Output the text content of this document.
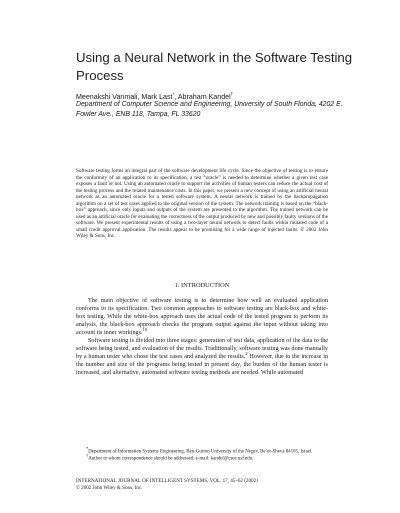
Using a Neural Network in the Software Testing Process
Meenakshi Vanmali, Mark Last*, Abraham Kandel†
Department of Computer Science and Engineering, University of South Florida, 4202 E. Fowler Ave., ENB 118, Tampa, FL 33620
Software testing forms an integral part of the software development life cycle. Since the objective of testing is to ensure the conformity of an application to its specification, a test “oracle” is needed to determine whether a given test case exposes a fault or not. Using an automated oracle to support the activities of human testers can reduce the actual cost of the testing process and the related maintenance costs. In this paper, we present a new concept of using an artificial neural network as an automated oracle for a tested software system. A neural network is trained by the backpropagation algorithm on a set of test cases applied to the original version of the system. The network training is based on the “black-box” approach, since only inputs and outputs of the system are presented to the algorithm. The trained network can be used as an artificial oracle for evaluating the correctness of the output produced by new and possibly faulty versions of the software. We present experimental results of using a two-layer neural network to detect faults within mutated code of a small credit approval application. The results appear to be promising for a wide range of injected faults. © 2002 John Wiley & Sons, Inc.
1. INTRODUCTION

The main objective of software testing is to determine how well an evaluated application conforms to its specification. Two common approaches to software testing are black-box and white-box testing. While the white-box approach uses the actual code of the tested program to perform its analysis, the black-box approach checks the program output against the input without taking into account its inner workings.$^{10}$

Software testing is divided into three stages: generation of test data, application of the data to the software being tested, and evaluation of the results. Traditionally, software testing was done manually by a human tester who chose the test cases and analyzed the results.$^2$ However, due to the increase in the number and size of the programs being tested in present day, the burden of the human tester is increased, and alternative, automated software testing methods are needed. While automated

*Department of Information Systems Engineering, Ben-Gurion University of the Negev, Be’er-Sheva 84105, Israel.

†Author to whom correspondence should be addressed; e-mail: kandel@csee.usf.edu.

INTERNATIONAL JOURNAL OF INTELLIGENT SYSTEMS, VOL. 17, 45–62 (2002)
© 2002 John Wiley & Sons, Inc.
